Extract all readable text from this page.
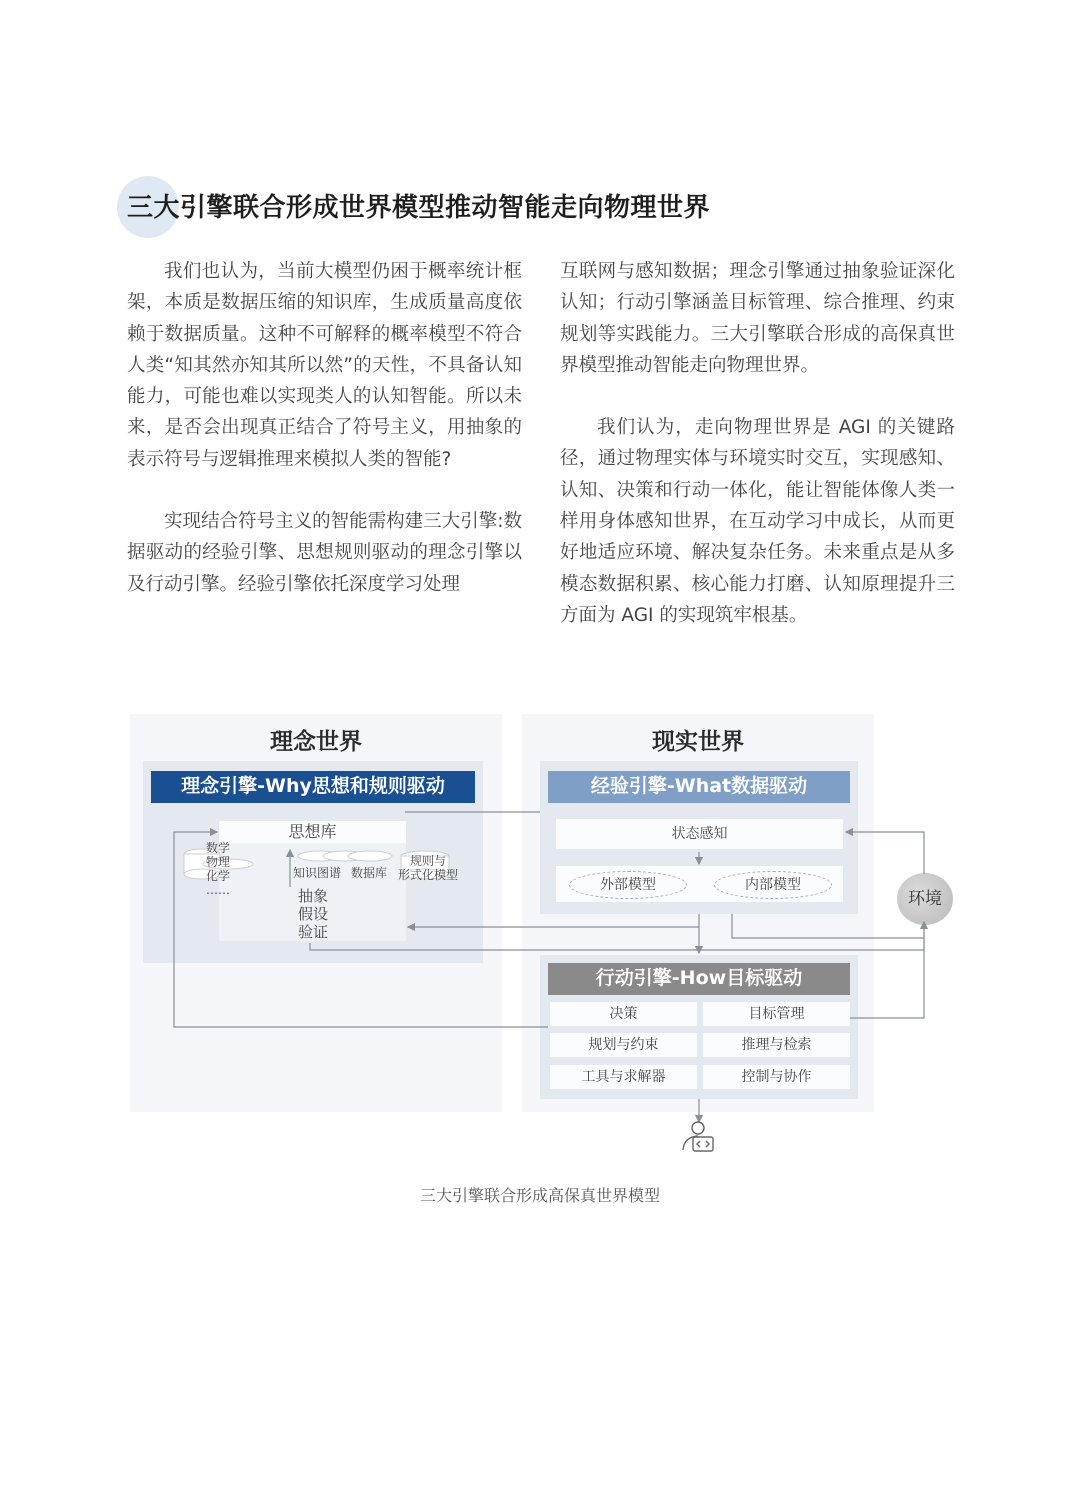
三大引擎联合形成世界模型推动智能走向物理世界

我们也认为，当前大模型仍困于概率统计框架，本质是数据压缩的知识库，生成质量高度依赖于数据质量。这种不可解释的概率模型不符合人类“知其然亦知其所以然”的天性，不具备认知能力，可能也难以实现类人的认知智能。所以未来，是否会出现真正结合了符号主义，用抽象的表示符号与逻辑推理来模拟人类的智能?

实现结合符号主义的智能需构建三大引擎:数据驱动的经验引擎、思想规则驱动的理念引擎以及行动引擎。经验引擎依托深度学习处理

互联网与感知数据；理念引擎通过抽象验证深化认知；行动引擎涵盖目标管理、综合推理、约束规划等实践能力。三大引擎联合形成的高保真世界模型推动智能走向物理世界。

我们认为，走向物理世界是 AGI 的关键路径，通过物理实体与环境实时交互，实现感知、认知、决策和行动一体化，能让智能体像人类一样用身体感知世界，在互动学习中成长，从而更好地适应环境、解决复杂任务。未来重点是从多模态数据积累、核心能力打磨、认知原理提升三方面为 AGI 的实现筑牢根基。

理念世界	现实世界
理念引擎-Why思想和规则驱动
思想库
数学
物理
化学
……
知识图谱 数据库
规则与
形式化模型
抽象
假设
验证
经验引擎-What数据驱动
状态感知
外部模型	内部模型
行动引擎-How目标驱动
决策	目标管理
规划与约束	推理与检索
工具与求解器	控制与协作
环境
三大引擎联合形成高保真世界模型
